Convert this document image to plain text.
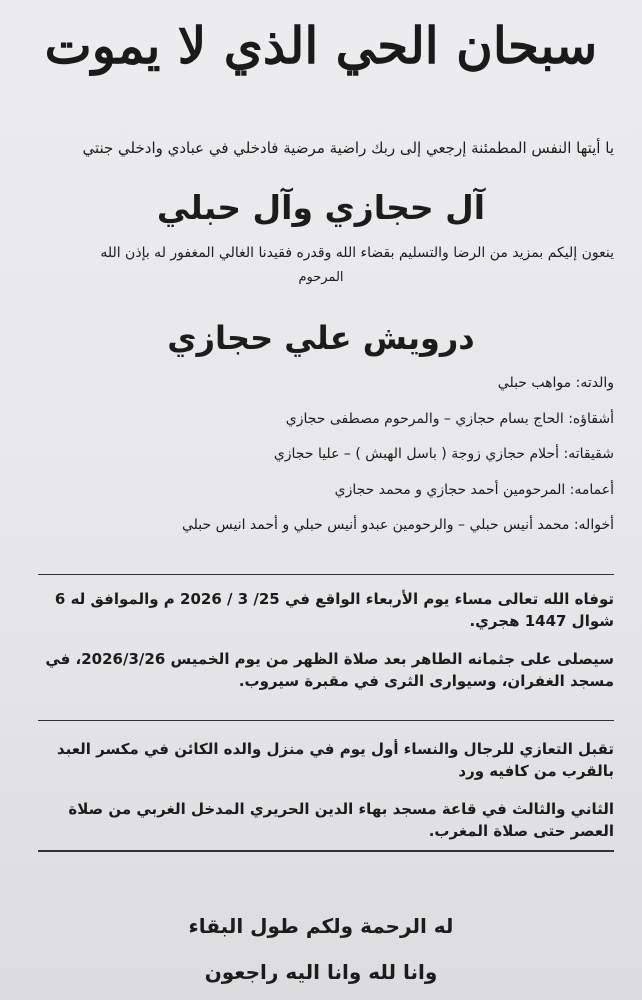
سبحان الحي الذي لا يموت
يا أيتها النفس المطمئنة إرجعي إلى ربك راضية مرضية فادخلي في عبادي وادخلي جنتي
آل حجازي وآل حبلي
ينعون إليكم بمزيد من الرضا والتسليم بقضاء الله وقدره فقيدنا الغالي المغفور له بإذن الله
المرحوم
درويش علي حجازي
والدته: مواهب حبلي
أشقاؤه: الحاج بسام حجازي – والمرحوم مصطفى حجازي
شقيقاته: أحلام حجازي زوجة ( باسل الهبش ) – عليا حجازي
أعمامه: المرحومين أحمد حجازي و محمد حجازي
أخواله: محمد أنيس حبلي – والرحومين عبدو أنيس حبلي و أحمد انيس حبلي
توفاه الله تعالى مساء يوم الأربعاء الواقع في 25/ 3 / 2026 م والموافق له 6 شوال 1447 هجري.
سيصلى على جثمانه الطاهر بعد صلاة الظهر من يوم الخميس 2026/3/26، في مسجد الغفران، وسيوارى الثرى في مقبرة سيروب.
تقبل التعازي للرجال والنساء أول يوم في منزل والده الكائن في مكسر العبد بالقرب من كافيه ورد
الثاني والثالث في قاعة مسجد بهاء الدين الحريري المدخل الغربي من صلاة العصر حتى صلاة المغرب.
له الرحمة ولكم طول البقاء
وانا لله وانا اليه راجعون
